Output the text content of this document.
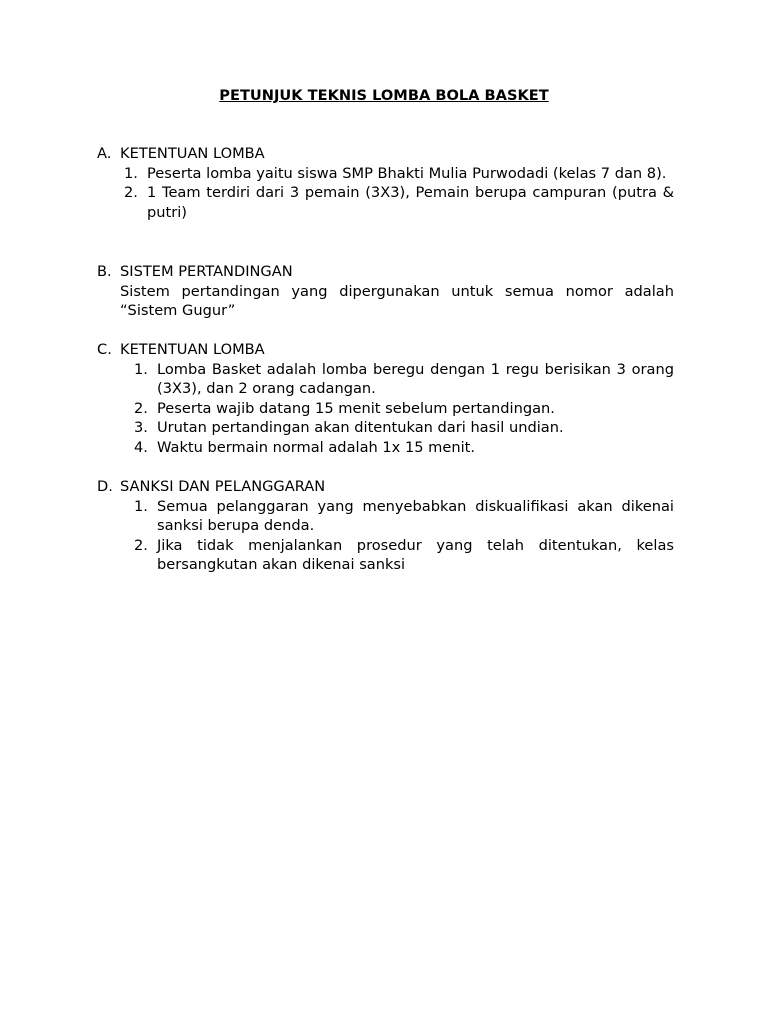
PETUNJUK TEKNIS LOMBA BOLA BASKET
A. KETENTUAN LOMBA
1. Peserta lomba yaitu siswa SMP Bhakti Mulia Purwodadi (kelas 7 dan 8).
2. 1 Team terdiri dari 3 pemain (3X3), Pemain berupa campuran (putra & putri)
B. SISTEM PERTANDINGAN
Sistem pertandingan yang dipergunakan untuk semua nomor adalah “Sistem Gugur”
C. KETENTUAN LOMBA
1. Lomba Basket adalah lomba beregu dengan 1 regu berisikan 3 orang (3X3), dan 2 orang cadangan.
2. Peserta wajib datang 15 menit sebelum pertandingan.
3. Urutan pertandingan akan ditentukan dari hasil undian.
4. Waktu bermain normal adalah 1x 15 menit.
D. SANKSI DAN PELANGGARAN
1. Semua pelanggaran yang menyebabkan diskualifikasi akan dikenai sanksi berupa denda.
2. Jika tidak menjalankan prosedur yang telah ditentukan, kelas bersangkutan akan dikenai sanksi
